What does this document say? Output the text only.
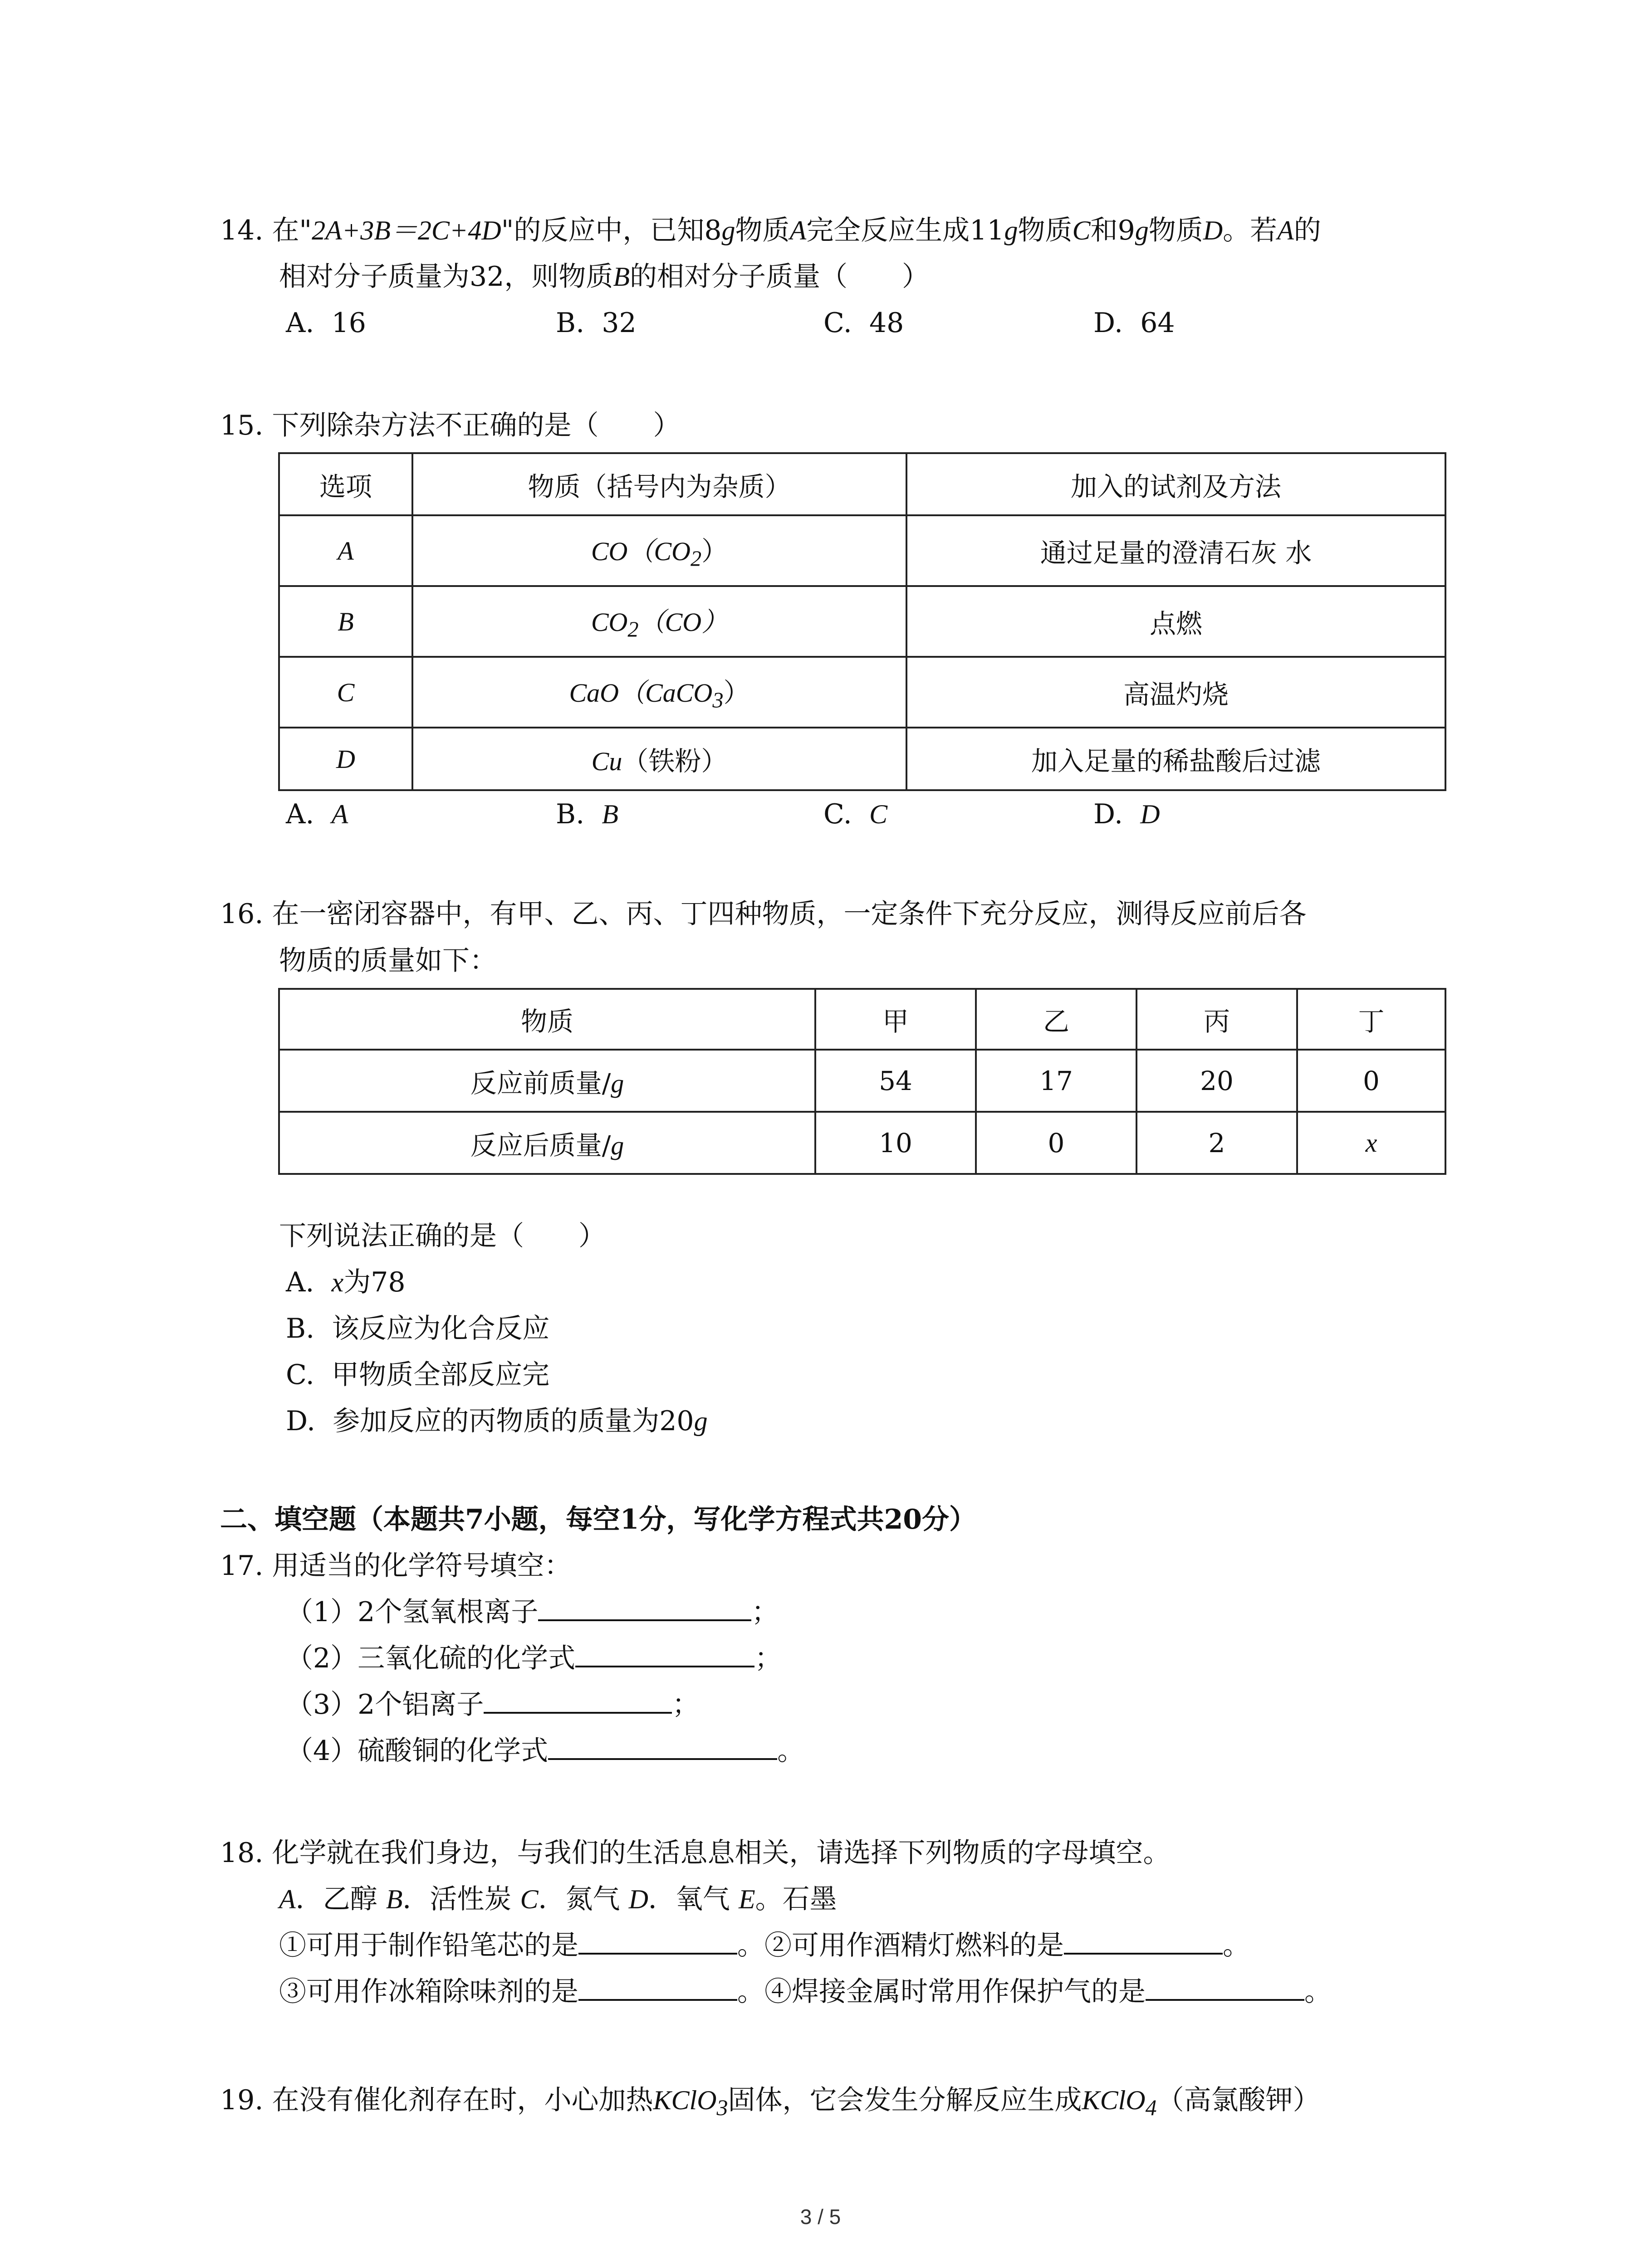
14. 在"2A+3B＝2C+4D"的反应中，已知8g物质A完全反应生成11g物质C和9g物质D。若A的
相对分子质量为32，则物质B的相对分子质量（　　）
A. 16	B. 32	C. 48	D. 64
15. 下列除杂方法不正确的是（　　）
选项	物质（括号内为杂质）	加入的试剂及方法
A	$CO(CO_2)$	通过足量的澄清石灰 水
B	$CO_2(CO)$	点燃
C	CaO（CaCO$_3$）	高温灼烧
D	Cu（铁粉）	加入足量的稀盐酸后过滤
A. A	B. B	C. C	D. D
16. 在一密闭容器中，有甲、乙、丙、丁四种物质，一定条件下充分反应，测得反应前后各
物质的质量如下：
物质	甲	乙	丙	丁
反应前质量/g	54	17	20	0
反应后质量/g	10	0	2	x
下列说法正确的是（　　）
A. x为78
B. 该反应为化合反应
C. 甲物质全部反应完
D. 参加反应的丙物质的质量为20g
二、填空题（本题共7小题，每空1分，写化学方程式共20分）
17. 用适当的化学符号填空：
（1）2个氢氧根离子	；
（2）三氧化硫的化学式	；
（3）2个铝离子	；
（4）硫酸铜的化学式	。
18. 化学就在我们身边，与我们的生活息息相关，请选择下列物质的字母填空。
A．乙醇 B．活性炭 C．氮气 D．氧气 E。石墨
①可用于制作铅笔芯的是	。②可用作酒精灯燃料的是	。
③可用作冰箱除味剂的是	。④焊接金属时常用作保护气的是	。
19. 在没有催化剂存在时，小心加热KClO$_3$固体，它会发生分解反应生成KClO$_4$（高氯酸钾）
3 / 5
